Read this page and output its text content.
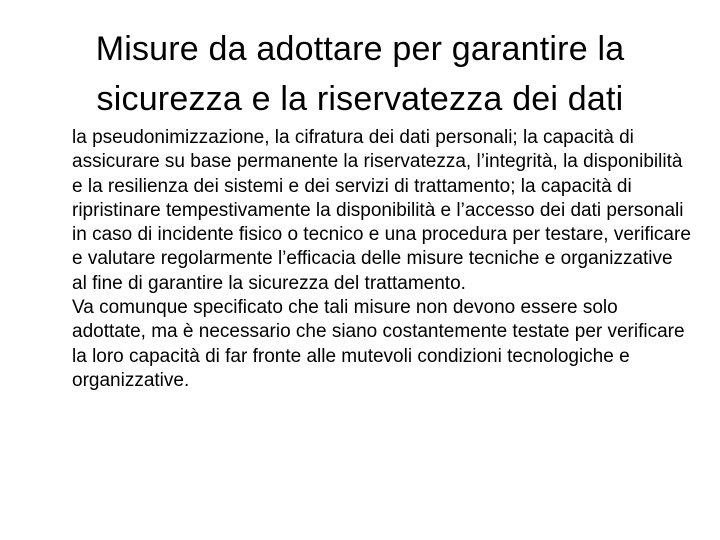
Misure da adottare per garantire la sicurezza e la riservatezza dei dati

la pseudonimizzazione, la cifratura dei dati personali; la capacità di assicurare su base permanente la riservatezza, l’integrità, la disponibilità e la resilienza dei sistemi e dei servizi di trattamento; la capacità di ripristinare tempestivamente la disponibilità e l’accesso dei dati personali in caso di incidente fisico o tecnico e una procedura per testare, verificare e valutare regolarmente l’efficacia delle misure tecniche e organizzative al fine di garantire la sicurezza del trattamento.

Va comunque specificato che tali misure non devono essere solo adottate, ma è necessario che siano costantemente testate per verificare la loro capacità di far fronte alle mutevoli condizioni tecnologiche e organizzative.
